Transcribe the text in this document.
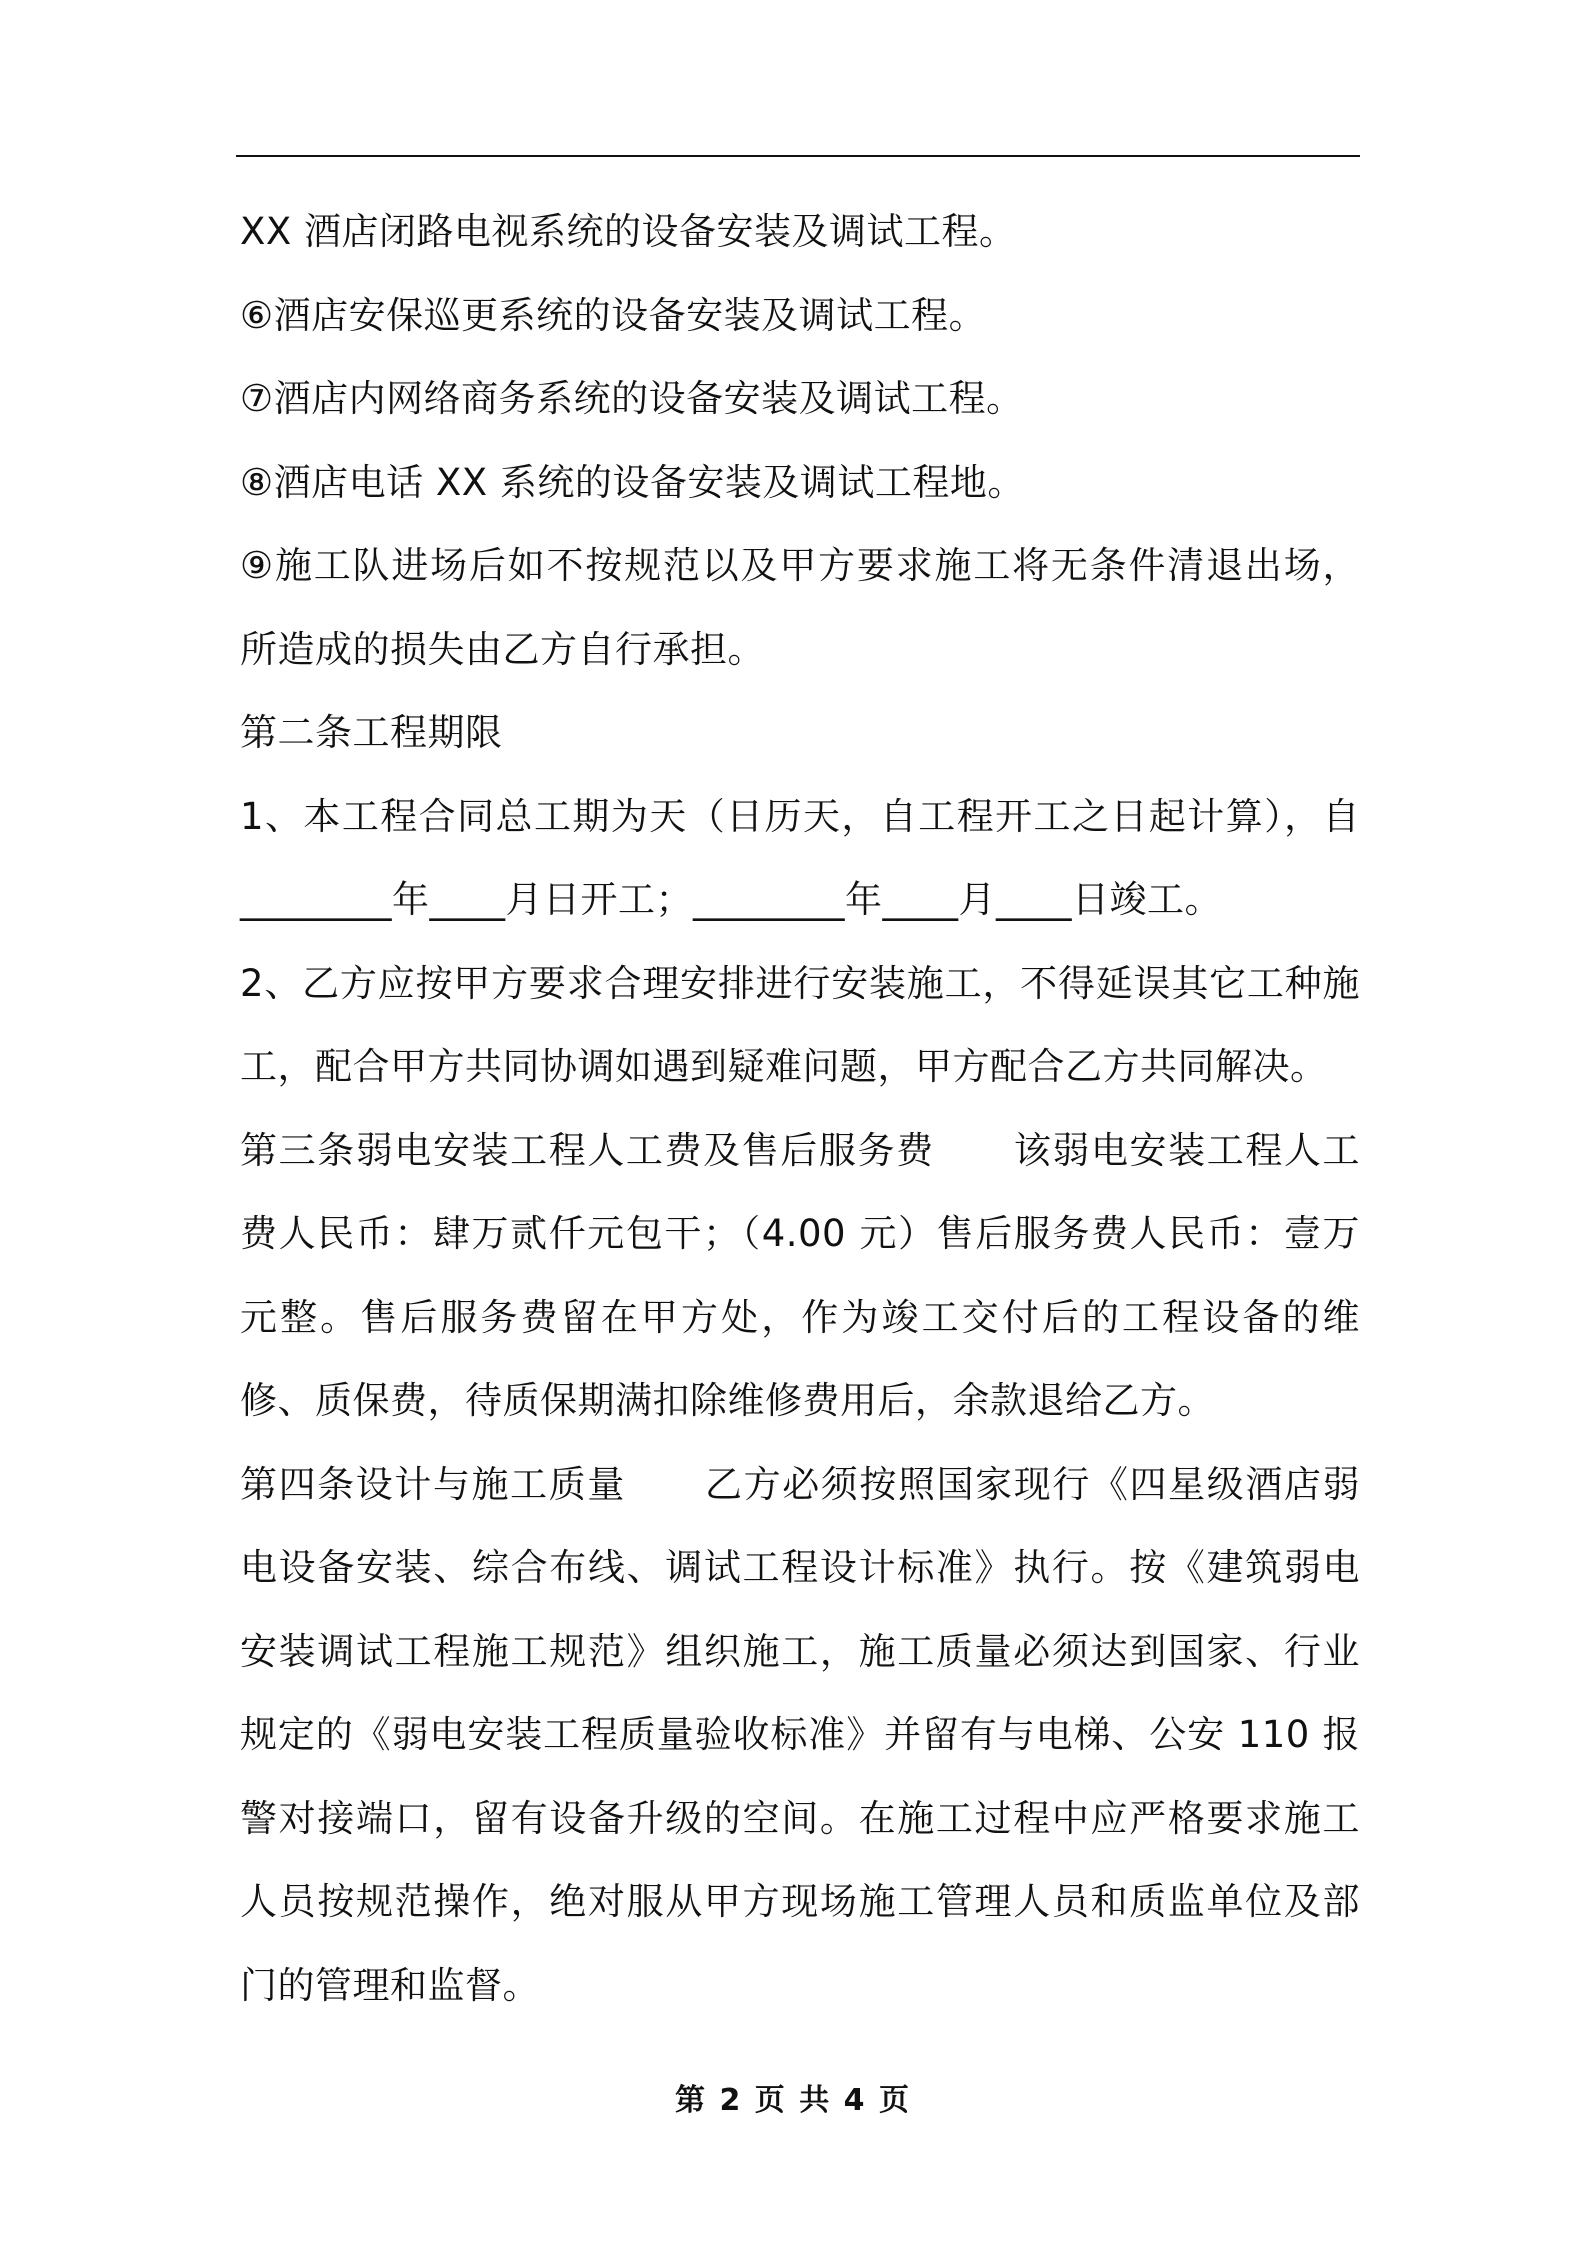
XX 酒店闭路电视系统的设备安装及调试工程。

⑥酒店安保巡更系统的设备安装及调试工程。

⑦酒店内网络商务系统的设备安装及调试工程。

⑧酒店电话 XX 系统的设备安装及调试工程地。

⑨施工队进场后如不按规范以及甲方要求施工将无条件清退出场，所造成的损失由乙方自行承担。

第二条工程期限

1、本工程合同总工期为天（日历天，自工程开工之日起计算），自________年____月日开工；________年____月____日竣工。

2、乙方应按甲方要求合理安排进行安装施工，不得延误其它工种施工，配合甲方共同协调如遇到疑难问题，甲方配合乙方共同解决。

第三条弱电安装工程人工费及售后服务费 该弱电安装工程人工费人民币：肆万贰仟元包干；（4.00 元）售后服务费人民币：壹万元整。售后服务费留在甲方处，作为竣工交付后的工程设备的维修、质保费，待质保期满扣除维修费用后，余款退给乙方。

第四条设计与施工质量 乙方必须按照国家现行《四星级酒店弱电设备安装、综合布线、调试工程设计标准》执行。按《建筑弱电安装调试工程施工规范》组织施工，施工质量必须达到国家、行业规定的《弱电安装工程质量验收标准》并留有与电梯、公安 110 报警对接端口，留有设备升级的空间。在施工过程中应严格要求施工人员按规范操作，绝对服从甲方现场施工管理人员和质监单位及部门的管理和监督。

第 2 页 共 4 页
